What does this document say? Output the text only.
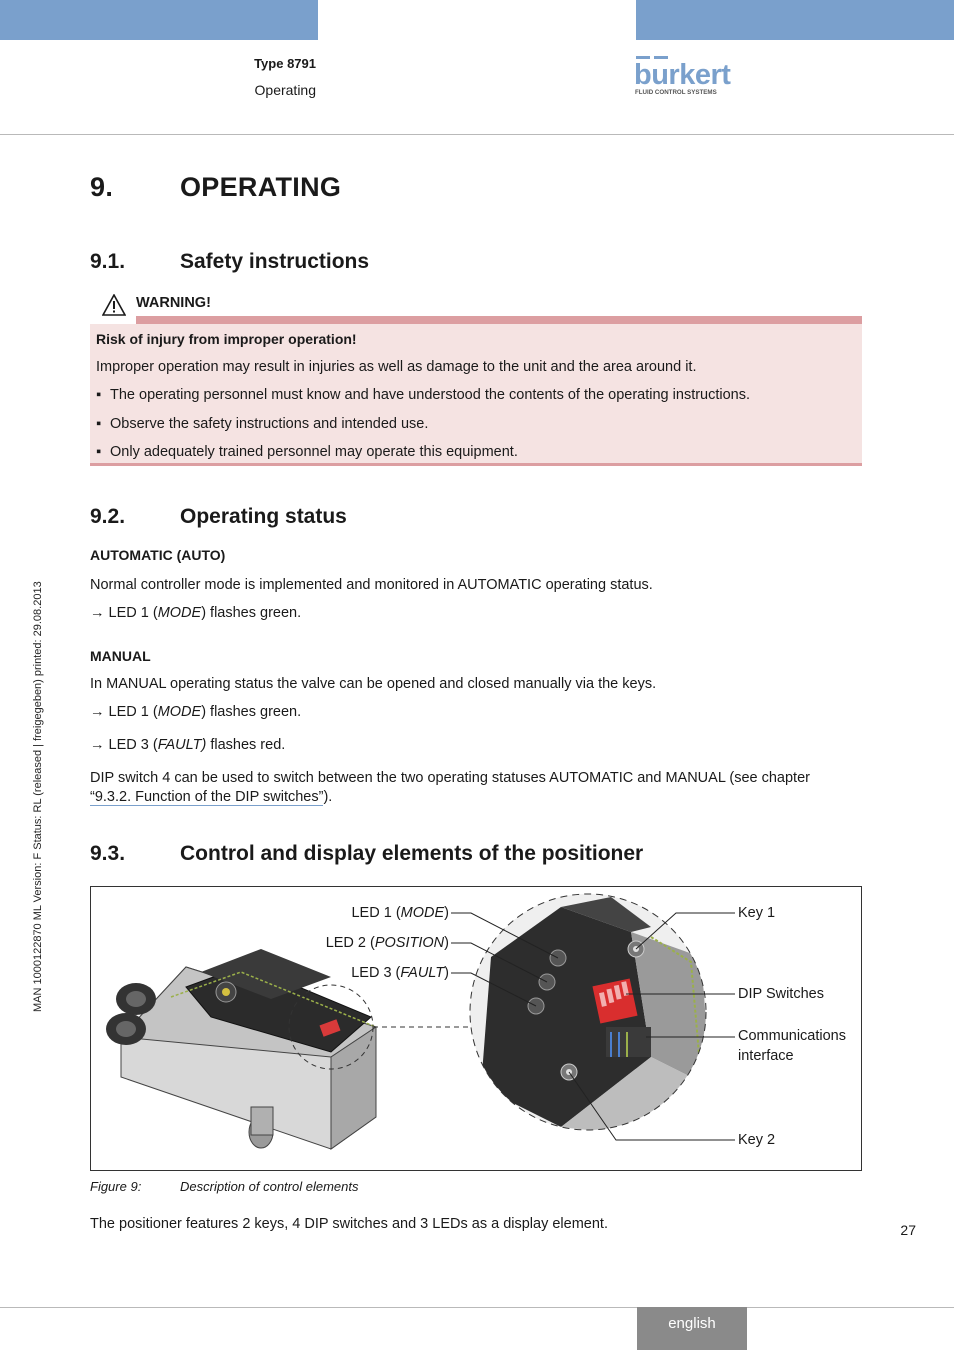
Type 8791
Operating	burkert
FLUID CONTROL SYSTEMS
MAN 1000122870 ML Version: F Status: RL (released | freigegeben) printed: 29.08.2013
9. OPERATING
9.1.	Safety instructions
WARNING!
Risk of injury from improper operation!
Improper operation may result in injuries as well as damage to the unit and the area around it.
▪ The operating personnel must know and have understood the contents of the operating instructions.
▪ Observe the safety instructions and intended use.
▪ Only adequately trained personnel may operate this equipment.
9.2.	Operating status
AUTOMATIC (AUTO)
Normal controller mode is implemented and monitored in AUTOMATIC operating status.
→ LED 1 (MODE) flashes green.
MANUAL
In MANUAL operating status the valve can be opened and closed manually via the keys.
→ LED 1 (MODE) flashes green.
→ LED 3 (FAULT) flashes red.
DIP switch 4 can be used to switch between the two operating statuses AUTOMATIC and MANUAL (see chapter
“9.3.2. Function of the DIP switches”).
9.3.	Control and display elements of the positioner
LED 1 (MODE)
LED 2 (POSITION)
LED 3 (FAULT)
Key 1
DIP Switches
Communications
interface
Key 2
Figure 9:	Description of control elements
The positioner features 2 keys, 4 DIP switches and 3 LEDs as a display element.	27
english
